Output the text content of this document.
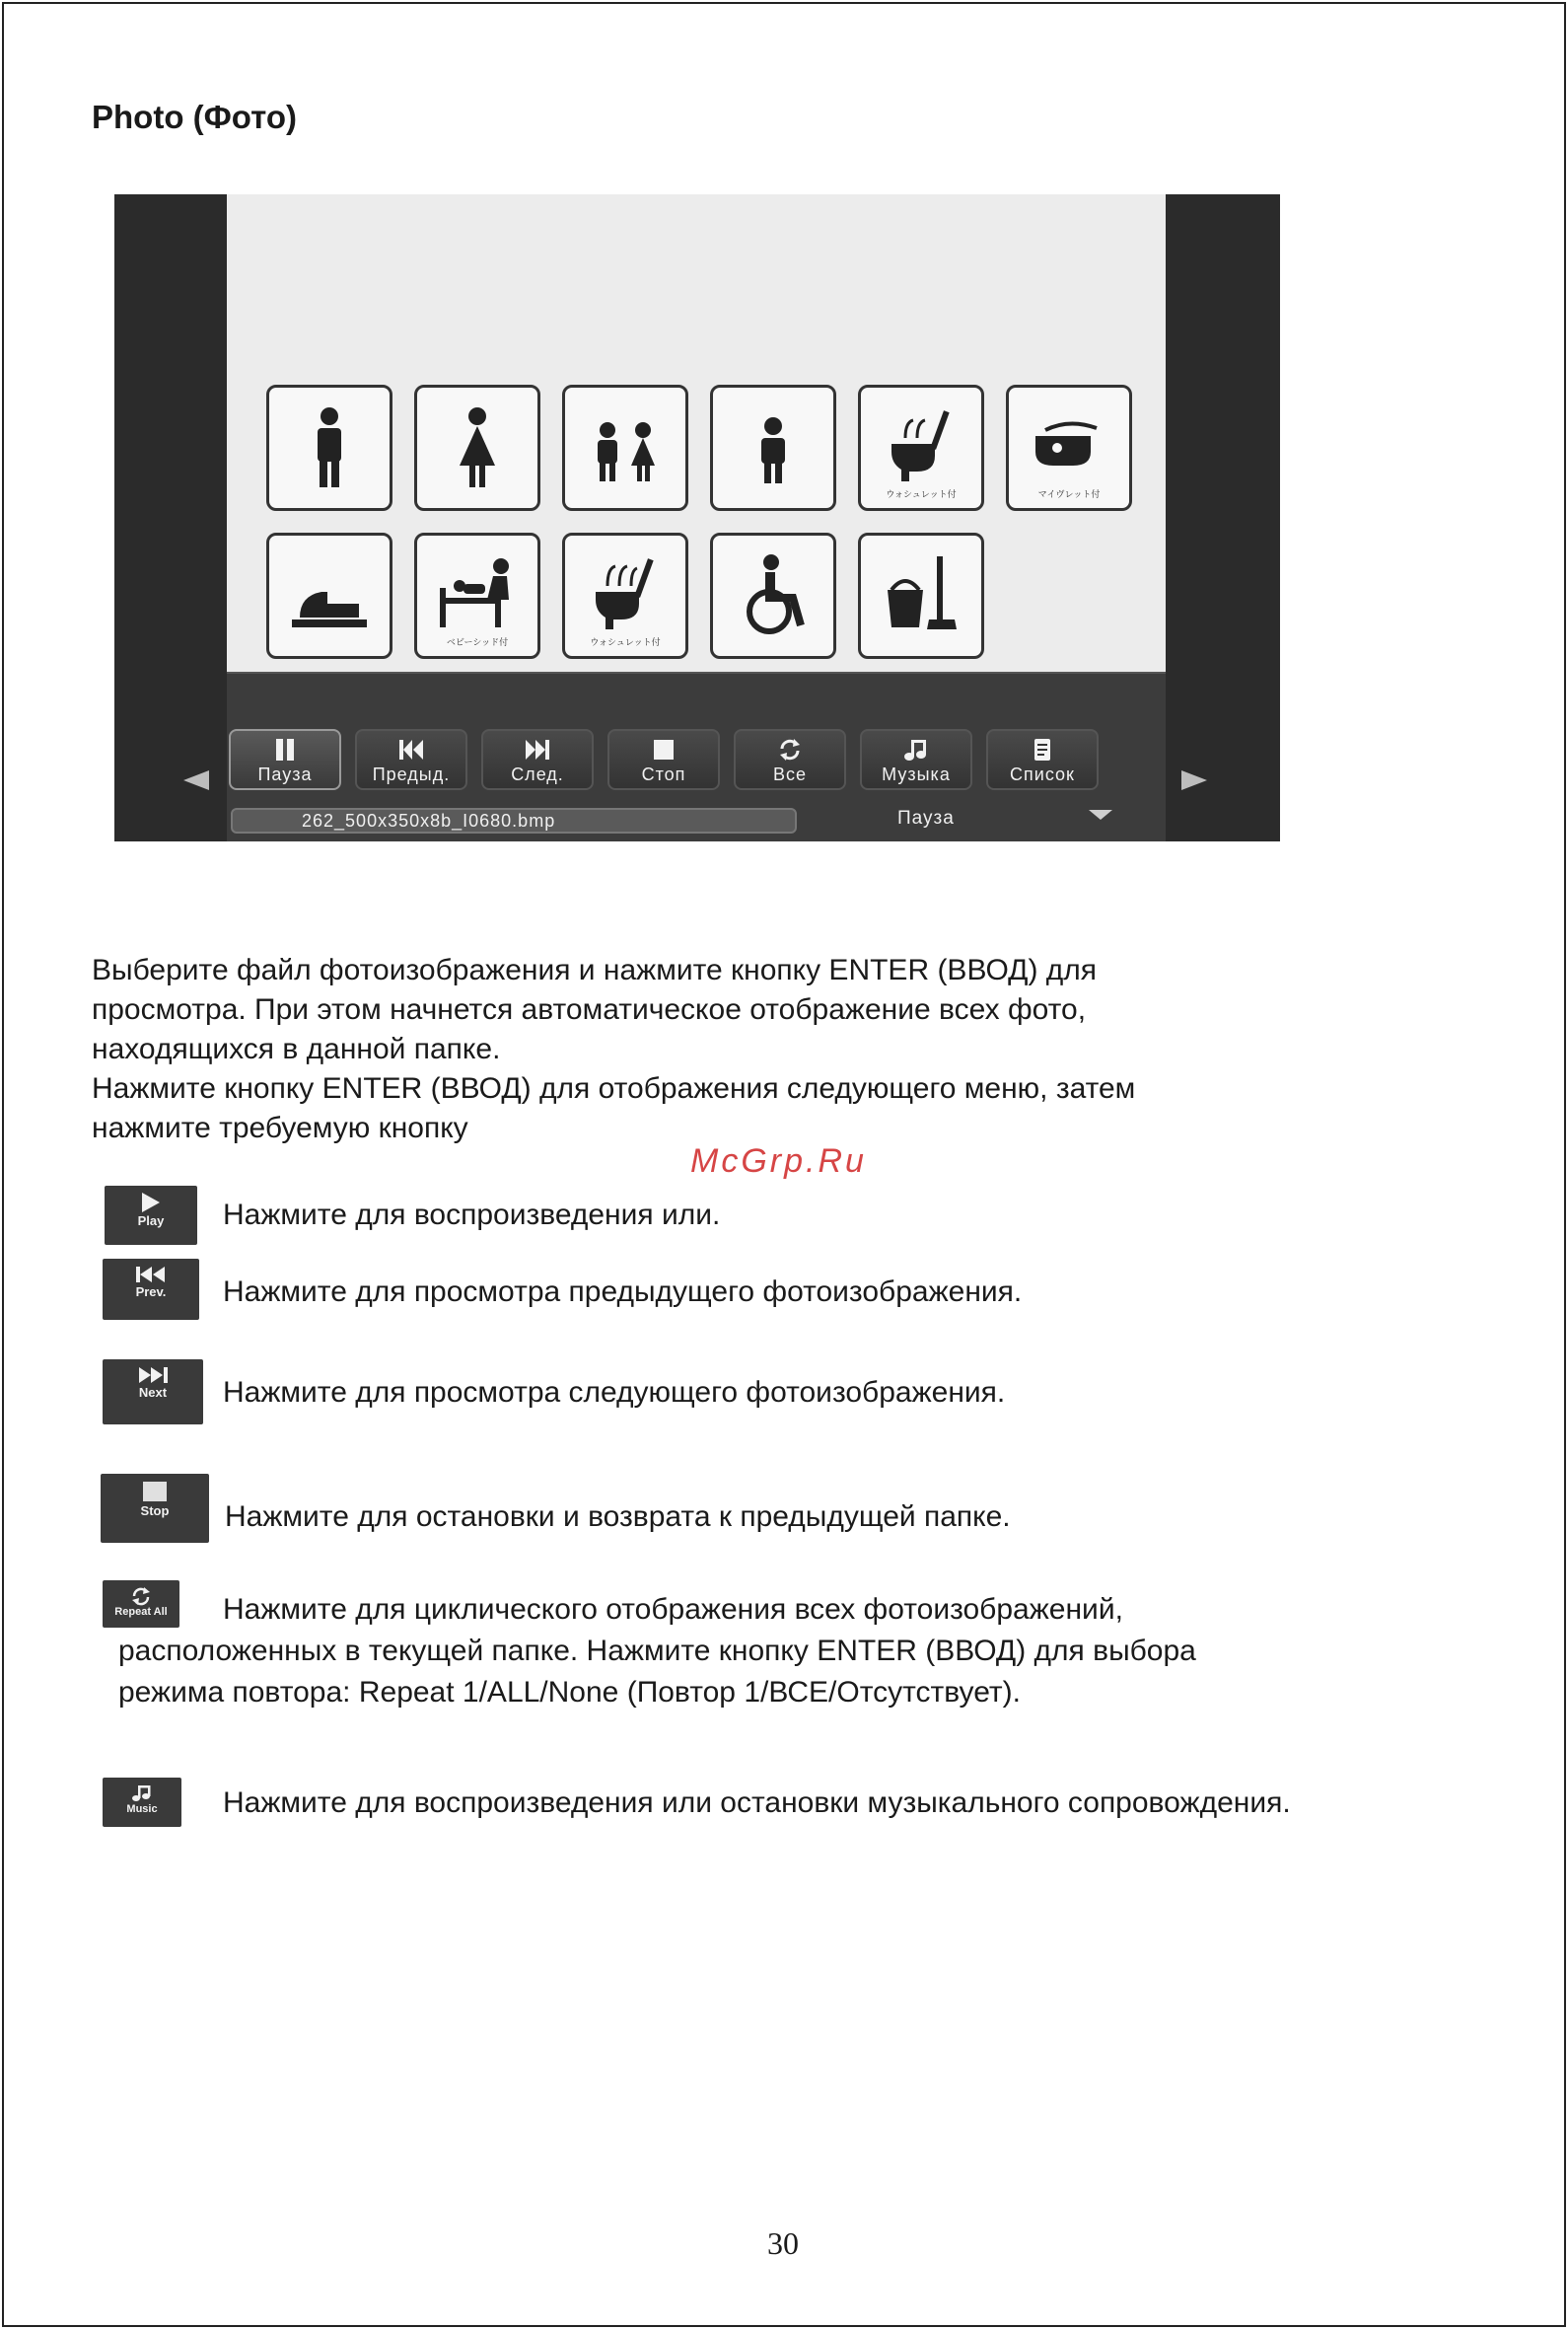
Photo (Фото)
ウォシュレット付	マイヴレット付
ベビーシッド付	ウォシュレット付
Пауза	Предыд.	След.	Стоп	Все	Музыка	Список
262_500x350x8b_I0680.bmp	Пауза
Выберите файл фотоизображения и нажмите кнопку ENTER (ВВОД) для
просмотра. При этом начнется автоматическое отображение всех фото,
находящихся в данной папке.
Нажмите кнопку ENTER (ВВОД) для отображения следующего меню, затем
нажмите требуемую кнопку
McGrp.Ru
Play	Нажмите для воспроизведения или.
Prev.	Нажмите для просмотра предыдущего фотоизображения.
Next	Нажмите для просмотра следующего фотоизображения.
Stop	Нажмите для остановки и возврата к предыдущей папке.
Repeat All	Нажмите для циклического отображения всех фотоизображений,
расположенных в текущей папке. Нажмите кнопку ENTER (ВВОД) для выбора
режима повтора: Repeat 1/ALL/None (Повтор 1/ВСЕ/Отсутствует).
Music	Нажмите для воспроизведения или остановки музыкального сопровождения.
30
